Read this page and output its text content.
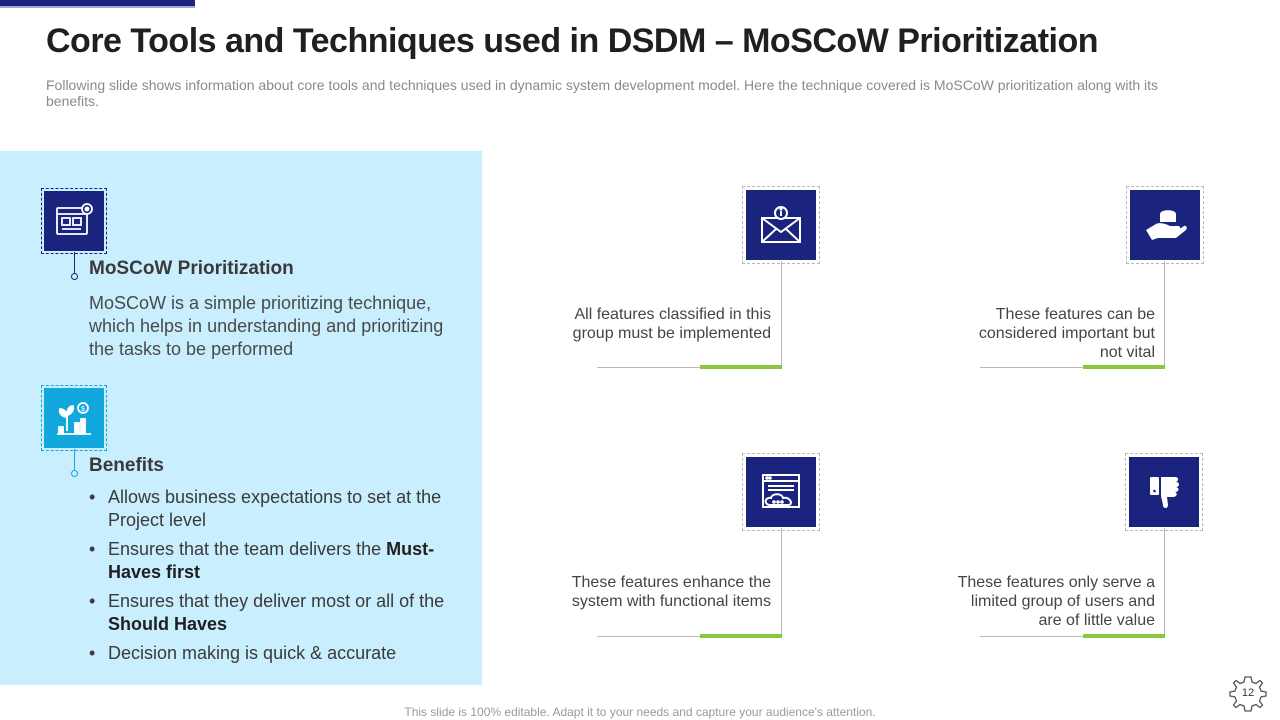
Core Tools and Techniques used in DSDM – MoSCoW Prioritization

Following slide shows information about core tools and techniques used in dynamic system development model. Here the technique covered is MoSCoW prioritization along with its benefits.

MoSCoW Prioritization
MoSCoW is a simple prioritizing technique, which helps in understanding and prioritizing the tasks to be performed
$
Benefits
• Allows business expectations to set at the Project level
• Ensures that the team delivers the Must-Haves first
• Ensures that they deliver most or all of the Should Haves
• Decision making is quick & accurate
All features classified in this group must be implemented
These features can be considered important but not vital
These features enhance the system with functional items
These features only serve a limited group of users and are of little value
This slide is 100% editable. Adapt it to your needs and capture your audience's attention.
12
